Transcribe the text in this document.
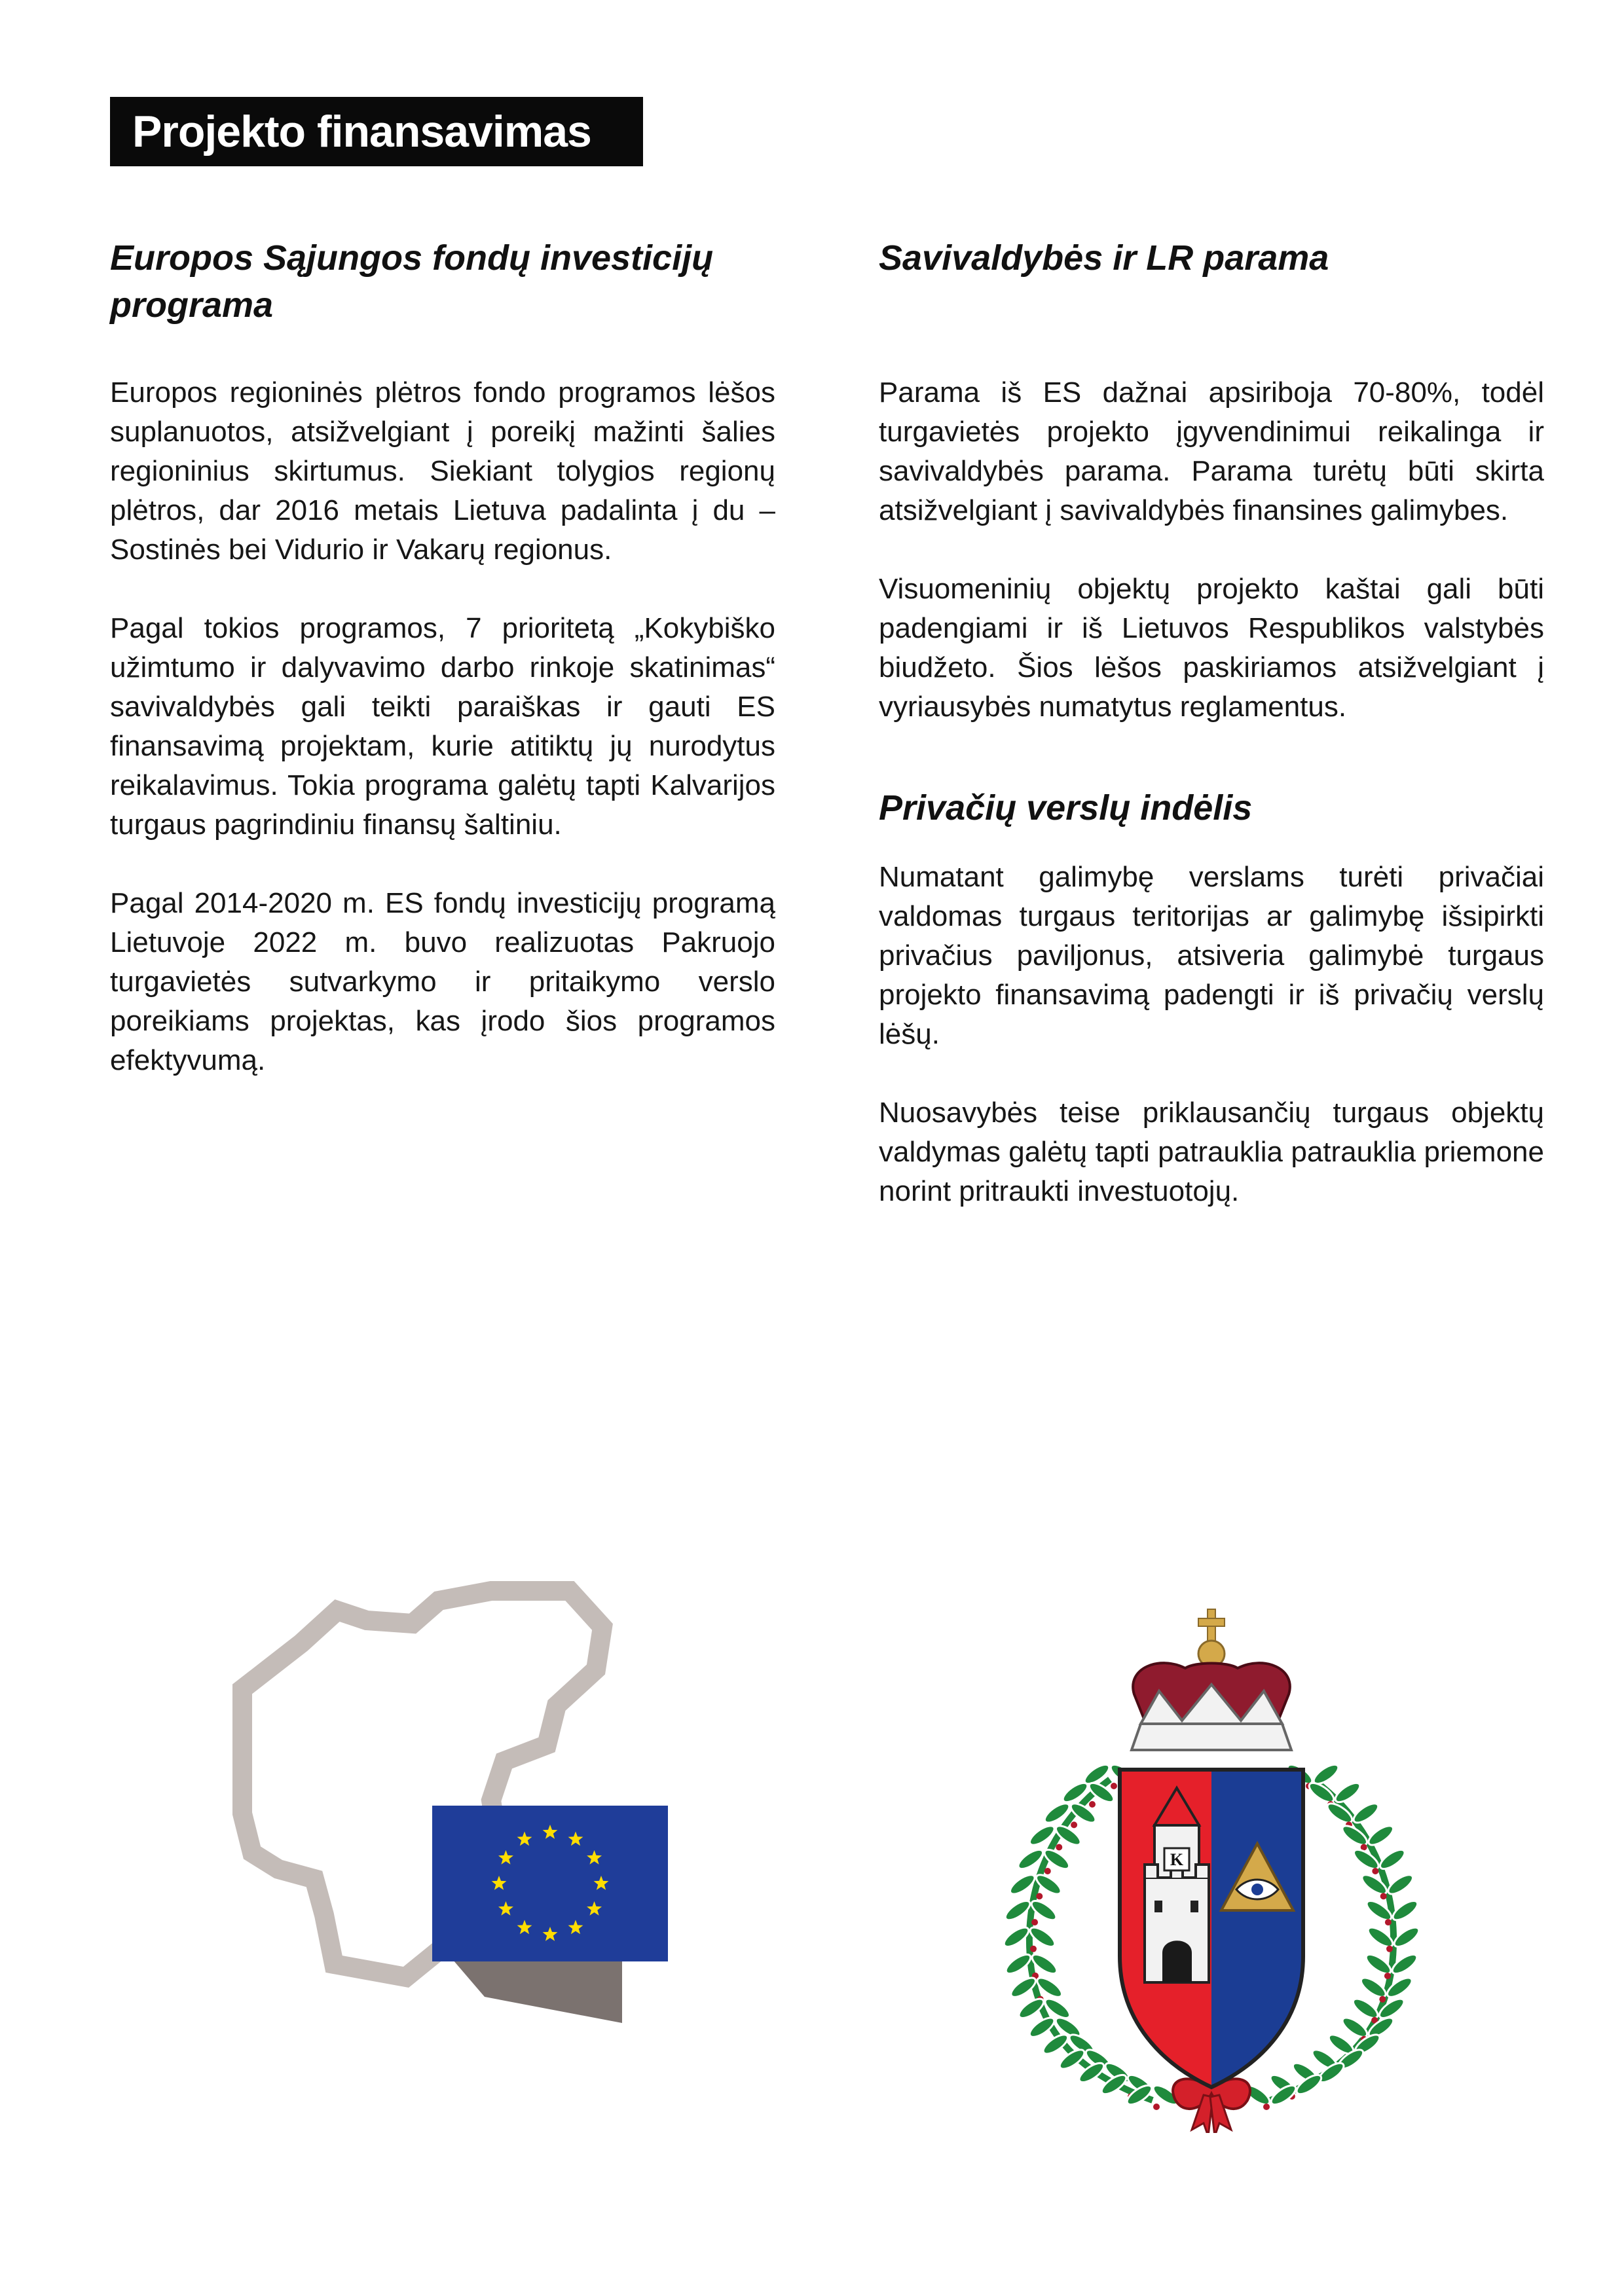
Projekto finansavimas
Europos Sąjungos fondų investicijų programa

Europos regioninės plėtros fondo programos lėšos suplanuotos, atsižvelgiant į poreikį mažinti šalies regioninius skirtumus. Siekiant tolygios regionų plėtros, dar 2016 metais Lietuva padalinta į du – Sostinės bei Vidurio ir Vakarų regionus.

Pagal tokios programos, 7 prioritetą „Kokybiško užimtumo ir dalyvavimo darbo rinkoje skatinimas“ savivaldybės gali teikti paraiškas ir gauti ES finansavimą projektam, kurie atitiktų jų nurodytus reikalavimus. Tokia programa galėtų tapti Kalvarijos turgaus pagrindiniu finansų šaltiniu.

Pagal 2014-2020 m. ES fondų investicijų programą Lietuvoje 2022 m. buvo realizuotas Pakruojo turgavietės sutvarkymo ir pritaikymo verslo poreikiams projektas, kas įrodo šios programos efektyvumą.

Savivaldybės ir LR parama

Parama iš ES dažnai apsiriboja 70-80%, todėl turgavietės projekto įgyvendinimui reikalinga ir savivaldybės parama. Parama turėtų būti skirta atsižvelgiant į savivaldybės finansines galimybes.

Visuomeninių objektų projekto kaštai gali būti padengiami ir iš Lietuvos Respublikos valstybės biudžeto. Šios lėšos paskiriamos atsižvelgiant į vyriausybės numatytus reglamentus.

Privačių verslų indėlis

Numatant galimybę verslams turėti privačiai valdomas turgaus teritorijas ar galimybę išsipirkti privačius paviljonus, atsiveria galimybė turgaus projekto finansavimą padengti ir iš privačių verslų lėšų.

Nuosavybės teise priklausančių turgaus objektų valdymas galėtų tapti patrauklia patrauklia priemone norint pritraukti investuotojų.

K
